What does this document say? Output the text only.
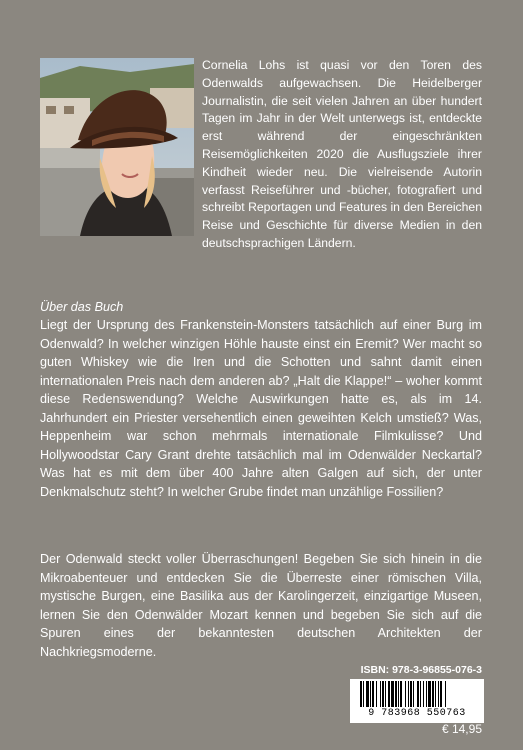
Cornelia Lohs ist quasi vor den Toren des Odenwalds aufgewachsen. Die Heidelberger Journalistin, die seit vielen Jahren an über hundert Tagen im Jahr in der Welt unterwegs ist, entdeckte erst während der eingeschränkten Reisemöglichkeiten 2020 die Ausflugsziele ihrer Kindheit wieder neu. Die vielreisende Autorin verfasst Reiseführer und -bücher, fotografiert und schreibt Reportagen und Features in den Bereichen Reise und Geschichte für diverse Medien in den deutschsprachigen Ländern.

Über das Buch

Liegt der Ursprung des Frankenstein-Monsters tatsächlich auf einer Burg im Odenwald? In welcher winzigen Höhle hauste einst ein Eremit? Wer macht so guten Whiskey wie die Iren und die Schotten und sahnt damit einen internationalen Preis nach dem anderen ab? „Halt die Klappe!“ – woher kommt diese Redenswendung? Welche Auswirkungen hatte es, als im 14. Jahrhundert ein Priester versehentlich einen geweihten Kelch umstieß? Was, Heppenheim war schon mehrmals internationale Filmkulisse? Und Hollywoodstar Cary Grant drehte tatsächlich mal im Odenwälder Neckartal? Was hat es mit dem über 400 Jahre alten Galgen auf sich, der unter Denkmalschutz steht? In welcher Grube findet man unzählige Fossilien?

Der Odenwald steckt voller Überraschungen! Begeben Sie sich hinein in die Mikroabenteuer und entdecken Sie die Überreste einer römischen Villa, mystische Burgen, eine Basilika aus der Karolingerzeit, einzigartige Museen, lernen Sie den Odenwälder Mozart kennen und begeben Sie sich auf die Spuren eines der bekanntesten deutschen Architekten der Nachkriegsmoderne.

ISBN: 978-3-96855-076-3

9 783968 550763

€ 14,95
